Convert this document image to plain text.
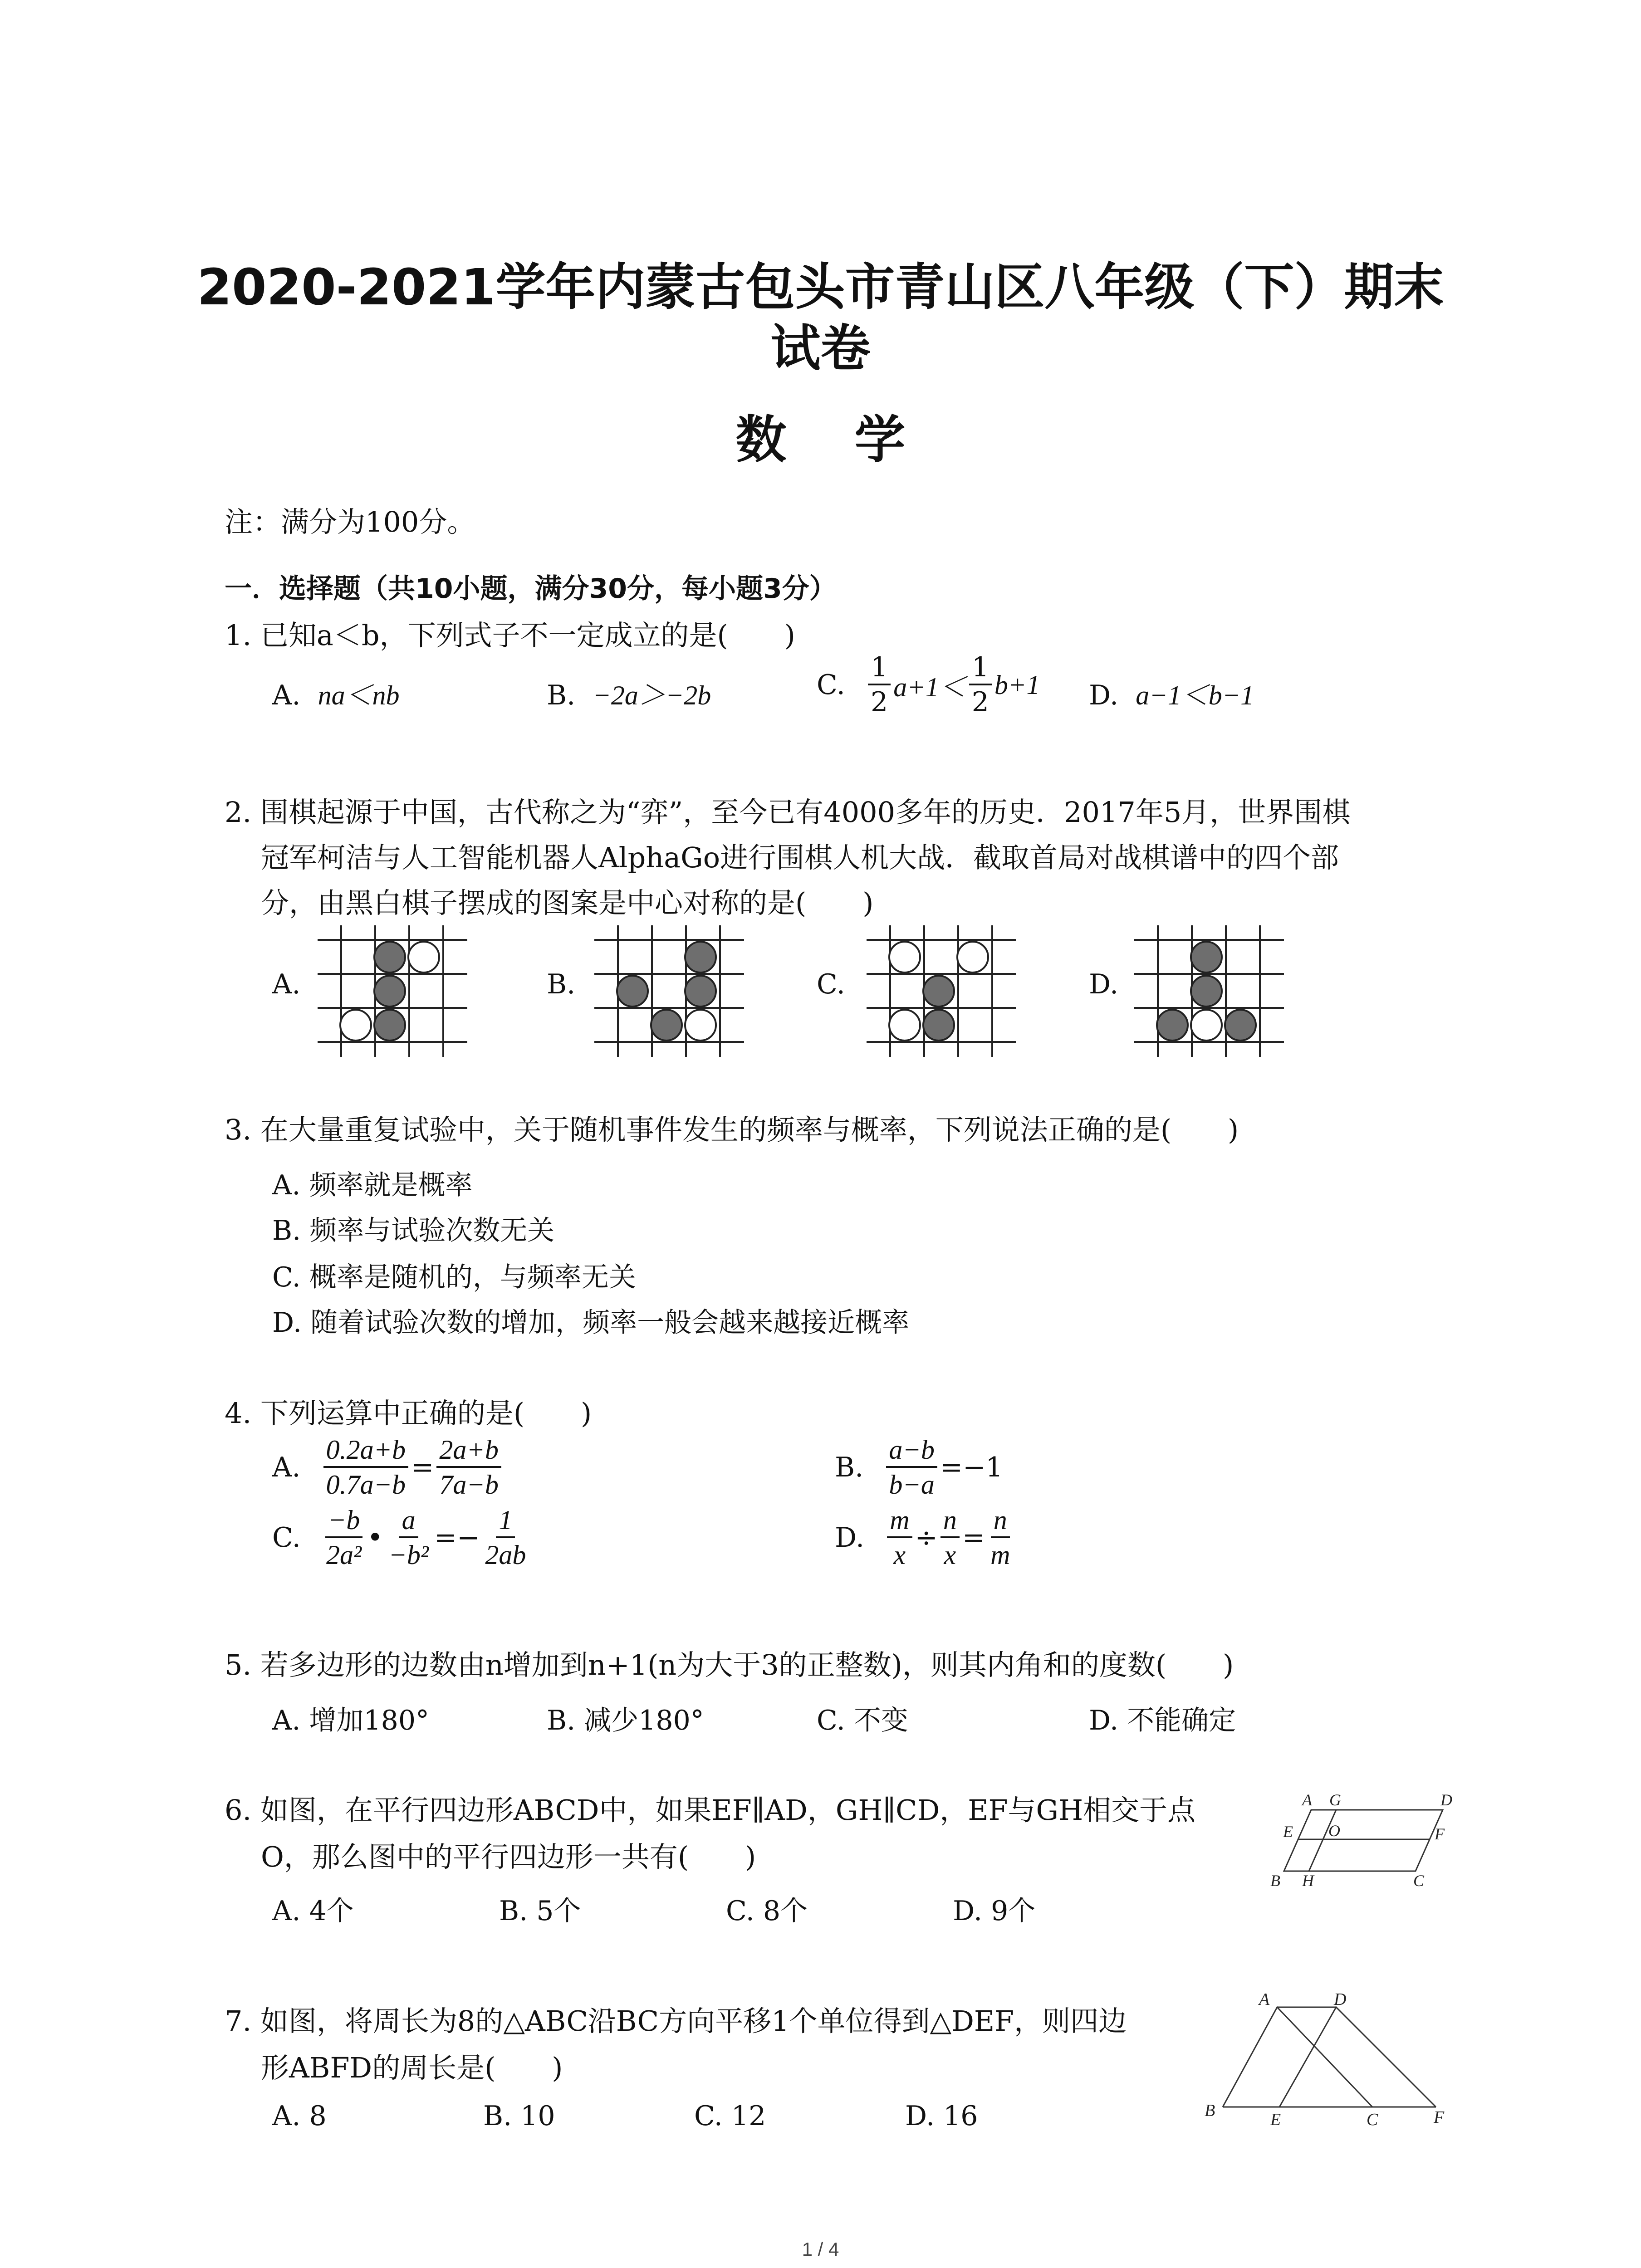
2020-2021学年内蒙古包头市青山区八年级（下）期末
试卷
数学
注：满分为100分。
一．选择题（共10小题，满分30分，每小题3分）
1. 已知a＜b，下列式子不一定成立的是(　　)
A. na＜nb	B. −2a＞−2b	C.
$\frac{1}{2} a+1< \frac{1}{2} b+1$ D. a−1＜b−1
2. 围棋起源于中国，古代称之为“弈”，至今已有4000多年的历史．2017年5月，世界围棋
冠军柯洁与人工智能机器人AlphaGo进行围棋人机大战．截取首局对战棋谱中的四个部
分，由黑白棋子摆成的图案是中心对称的是(　　)
A.	B.	C.	D.
3. 在大量重复试验中，关于随机事件发生的频率与概率，下列说法正确的是(　　)
A. 频率就是概率
B. 频率与试验次数无关
C. 概率是随机的，与频率无关
D. 随着试验次数的增加，频率一般会越来越接近概率
4. 下列运算中正确的是(　　)
A.
$\frac{0.2a+b}{0.7a-b} = \frac{2a+b}{7a-b}$	B.
$\frac{a-b}{b-a} =-1$
C.
$\frac{-b}{\text{2a²}}$ • $\frac{a}{\text{−b²}} =- \frac{1}{2ab}$	D.
$\frac{m}{x} \div \frac{n}{x} = \frac{n}{m}$
5. 若多边形的边数由n增加到n+1(n为大于3的正整数)，则其内角和的度数(　　)
A. 增加180°	B. 减少180°	C. 不变	D. 不能确定
6. 如图，在平行四边形ABCD中，如果EF∥AD，GH∥CD，EF与GH相交于点
O，那么图中的平行四边形一共有(　　)
A. 4个	B. 5个	C. 8个	D. 9个
A G	D
E	F
O
B H	C
7. 如图，将周长为8的△ABC沿BC方向平移1个单位得到△DEF，则四边
形ABFD的周长是(　　)
A. 8	B. 10	C. 12	D. 16
A	D
B	E	C	F
1 / 4
